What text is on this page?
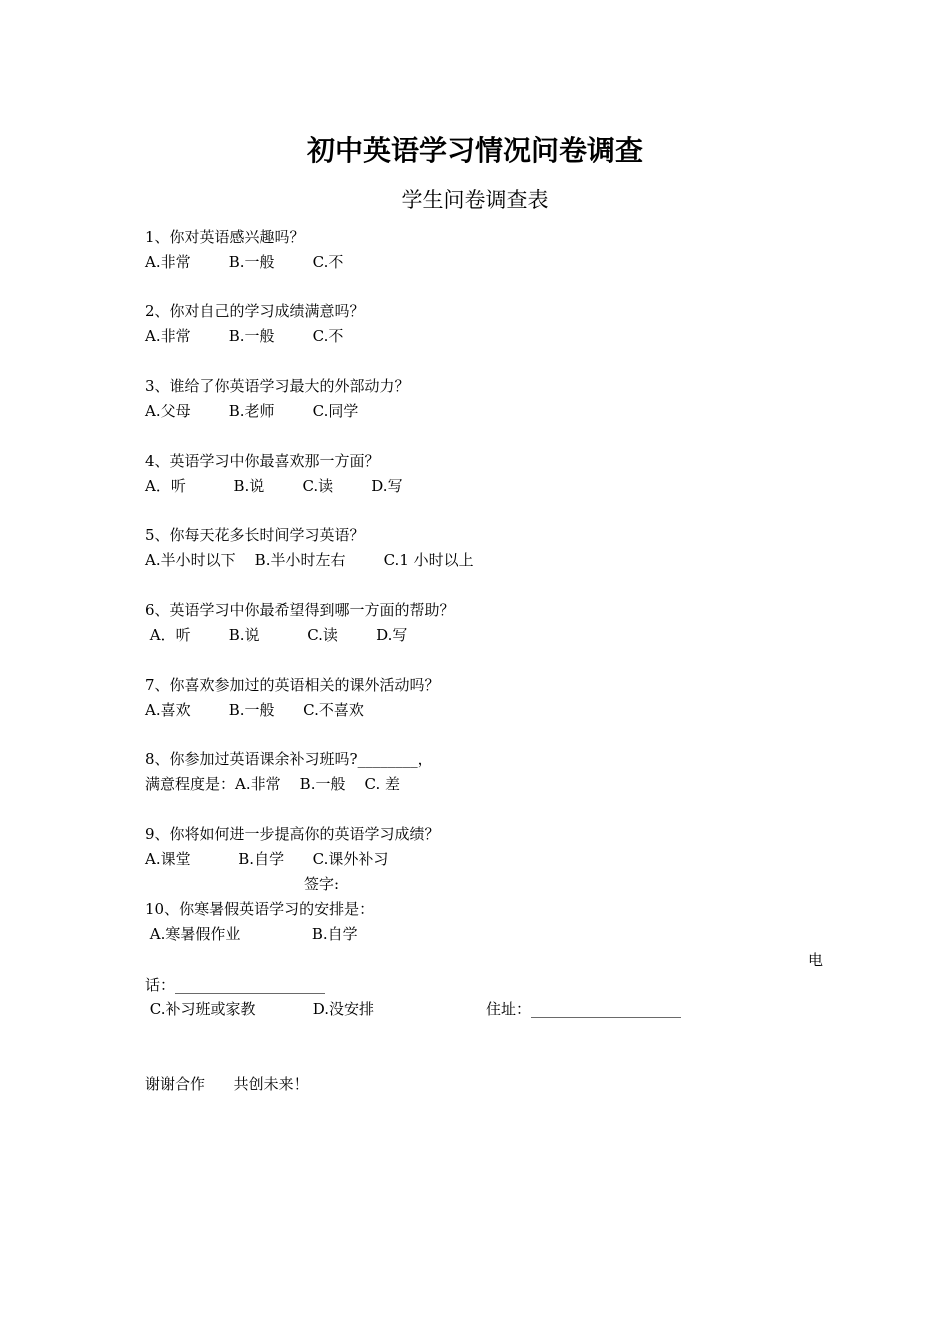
初中英语学习情况问卷调查
学生问卷调查表
1、你对英语感兴趣吗？
A.非常        B.一般        C.不
2、你对自己的学习成绩满意吗？
A.非常        B.一般        C.不
3、谁给了你英语学习最大的外部动力？
A.父母        B.老师        C.同学
4、英语学习中你最喜欢那一方面？
A．听          B.说        C.读        D.写
5、你每天花多长时间学习英语？
A.半小时以下    B.半小时左右        C.1 小时以上
6、英语学习中你最希望得到哪一方面的帮助？
A．听        B.说          C.读        D.写
7、你喜欢参加过的英语相关的课外活动吗？
A.喜欢        B.一般      C.不喜欢
8、你参加过英语课余补习班吗?________，
满意程度是：A.非常    B.一般    C. 差
9、你将如何进一步提高你的英语学习成绩？
A.课堂          B.自学      C.课外补习
签字:
10、你寒暑假英语学习的安排是：
A.寒暑假作业               B.自学
电
话：____________________
C.补习班或家教            D.没安排	住址：____________________
谢谢合作      共创未来！
